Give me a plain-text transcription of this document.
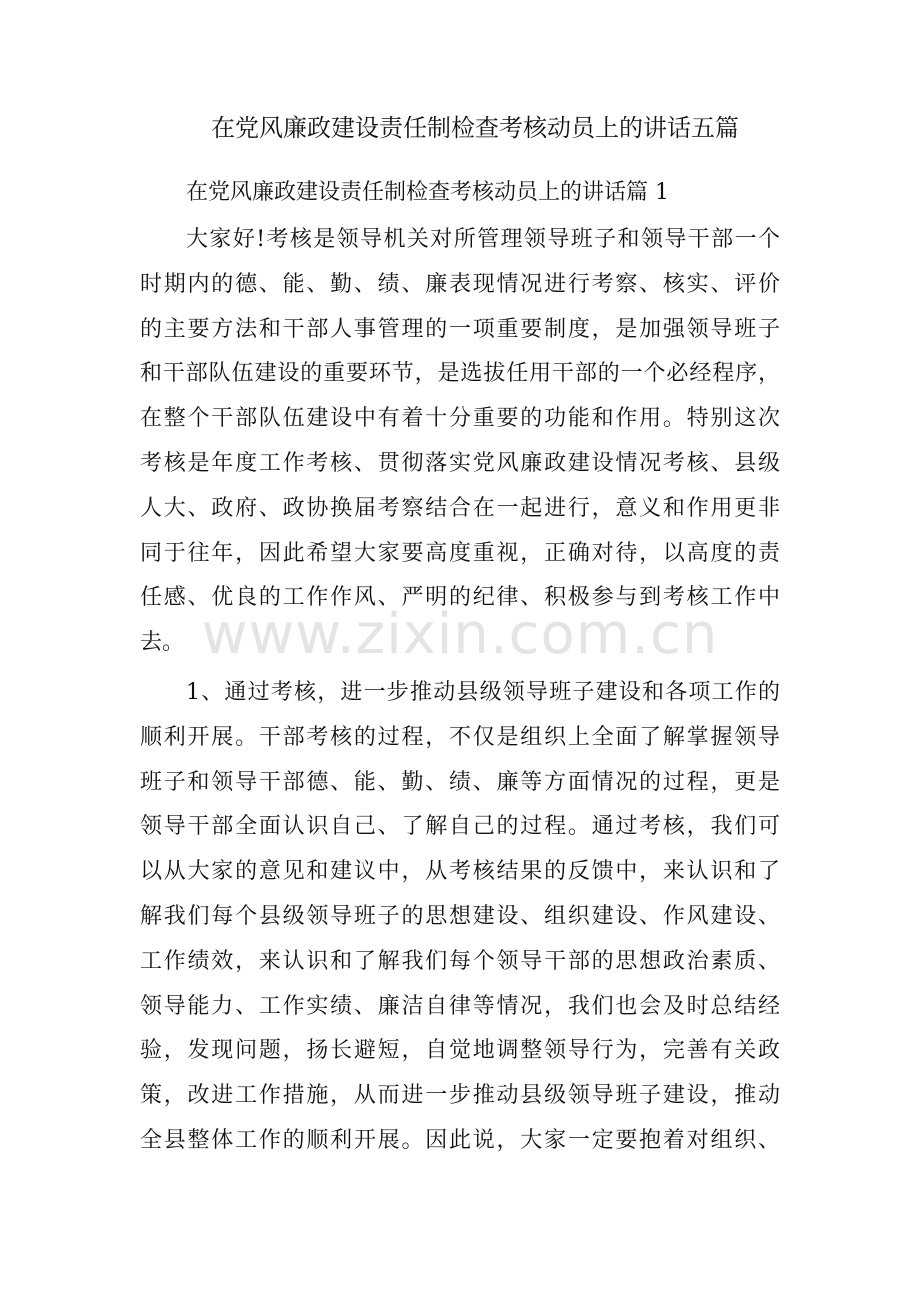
www.zixin.com.cn
在党风廉政建设责任制检查考核动员上的讲话五篇
在党风廉政建设责任制检查考核动员上的讲话篇 1
大家好!考核是领导机关对所管理领导班子和领导干部一个
时期内的德、能、勤、绩、廉表现情况进行考察、核实、评价
的主要方法和干部人事管理的一项重要制度，是加强领导班子
和干部队伍建设的重要环节，是选拔任用干部的一个必经程序，
在整个干部队伍建设中有着十分重要的功能和作用。特别这次
考核是年度工作考核、贯彻落实党风廉政建设情况考核、县级
人大、政府、政协换届考察结合在一起进行，意义和作用更非
同于往年，因此希望大家要高度重视，正确对待，以高度的责
任感、优良的工作作风、严明的纪律、积极参与到考核工作中
去。
1、通过考核，进一步推动县级领导班子建设和各项工作的
顺利开展。干部考核的过程，不仅是组织上全面了解掌握领导
班子和领导干部德、能、勤、绩、廉等方面情况的过程，更是
领导干部全面认识自己、了解自己的过程。通过考核，我们可
以从大家的意见和建议中，从考核结果的反馈中，来认识和了
解我们每个县级领导班子的思想建设、组织建设、作风建设、
工作绩效，来认识和了解我们每个领导干部的思想政治素质、
领导能力、工作实绩、廉洁自律等情况，我们也会及时总结经
验，发现问题，扬长避短，自觉地调整领导行为，完善有关政
策，改进工作措施，从而进一步推动县级领导班子建设，推动
全县整体工作的顺利开展。因此说，大家一定要抱着对组织、
